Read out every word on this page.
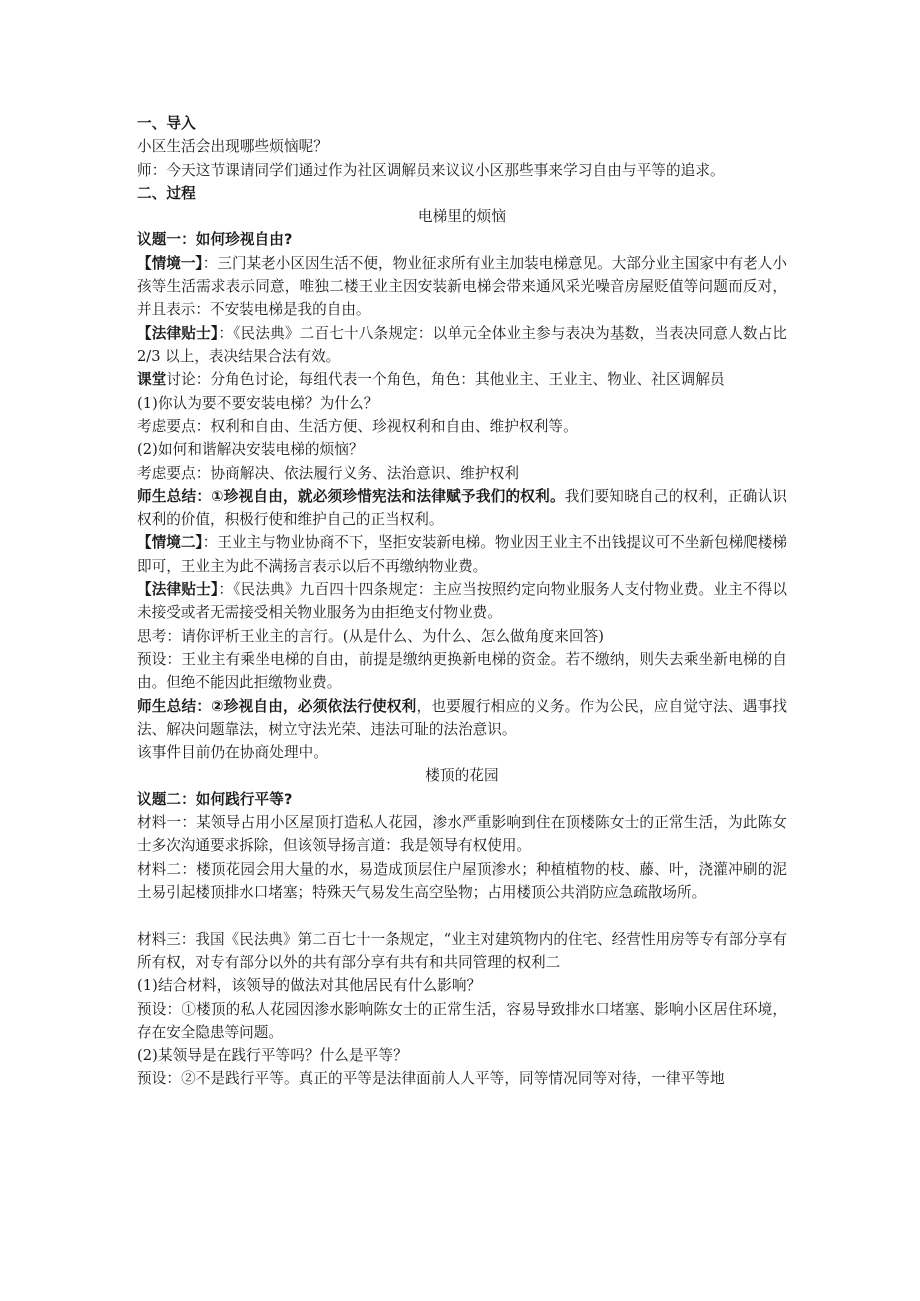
一、导入
小区生活会出现哪些烦恼呢？
师：今天这节课请同学们通过作为社区调解员来议议小区那些事来学习自由与平等的追求。
二、过程
电梯里的烦恼
议题一：如何珍视自由?
【情境一】：三门某老小区因生活不便，物业征求所有业主加装电梯意见。大部分业主国家中有老人小孩等生活需求表示同意，唯独二楼王业主因安装新电梯会带来通风采光噪音房屋贬值等问题而反对，并且表示：不安装电梯是我的自由。
【法律贴士】：《民法典》二百七十八条规定：以单元全体业主参与表决为基数，当表决同意人数占比 2/3 以上，表决结果合法有效。
课堂讨论：分角色讨论，每组代表一个角色，角色：其他业主、王业主、物业、社区调解员
(1)你认为要不要安装电梯？为什么？
考虑要点：权利和自由、生活方便、珍视权利和自由、维护权利等。
(2)如何和谐解决安装电梯的烦恼？
考虑要点：协商解决、依法履行义务、法治意识、维护权利
师生总结：①珍视自由，就必须珍惜宪法和法律赋予我们的权利。我们要知晓自己的权利，正确认识权利的价值，积极行使和维护自己的正当权利。
【情境二】：王业主与物业协商不下，坚拒安装新电梯。物业因王业主不出钱提议可不坐新包梯爬楼梯即可，王业主为此不满扬言表示以后不再缴纳物业费。
【法律贴士】：《民法典》九百四十四条规定：主应当按照约定向物业服务人支付物业费。业主不得以未接受或者无需接受相关物业服务为由拒绝支付物业费。
思考：请你评析王业主的言行。(从是什么、为什么、怎么做角度来回答)
预设：王业主有乘坐电梯的自由，前提是缴纳更换新电梯的资金。若不缴纳，则失去乘坐新电梯的自由。但绝不能因此拒缴物业费。
师生总结：②珍视自由，必须依法行使权利，也要履行相应的义务。作为公民，应自觉守法、遇事找法、解决问题靠法，树立守法光荣、违法可耻的法治意识。
该事件目前仍在协商处理中。
楼顶的花园
议题二：如何践行平等?
材料一：某领导占用小区屋顶打造私人花园，渗水严重影响到住在顶楼陈女士的正常生活，为此陈女士多次沟通要求拆除，但该领导扬言道：我是领导有权使用。
材料二：楼顶花园会用大量的水，易造成顶层住户屋顶渗水；种植植物的枝、藤、叶，浇灌冲刷的泥土易引起楼顶排水口堵塞；特殊天气易发生高空坠物；占用楼顶公共消防应急疏散场所。
材料三：我国《民法典》第二百七十一条规定，“业主对建筑物内的住宅、经营性用房等专有部分享有所有权，对专有部分以外的共有部分享有共有和共同管理的权利二
(1)结合材料，该领导的做法对其他居民有什么影响？
预设：①楼顶的私人花园因渗水影响陈女士的正常生活，容易导致排水口堵塞、影响小区居住环境，存在安全隐患等问题。
(2)某领导是在践行平等吗？什么是平等？
预设：②不是践行平等。真正的平等是法律面前人人平等，同等情况同等对待，一律平等地
